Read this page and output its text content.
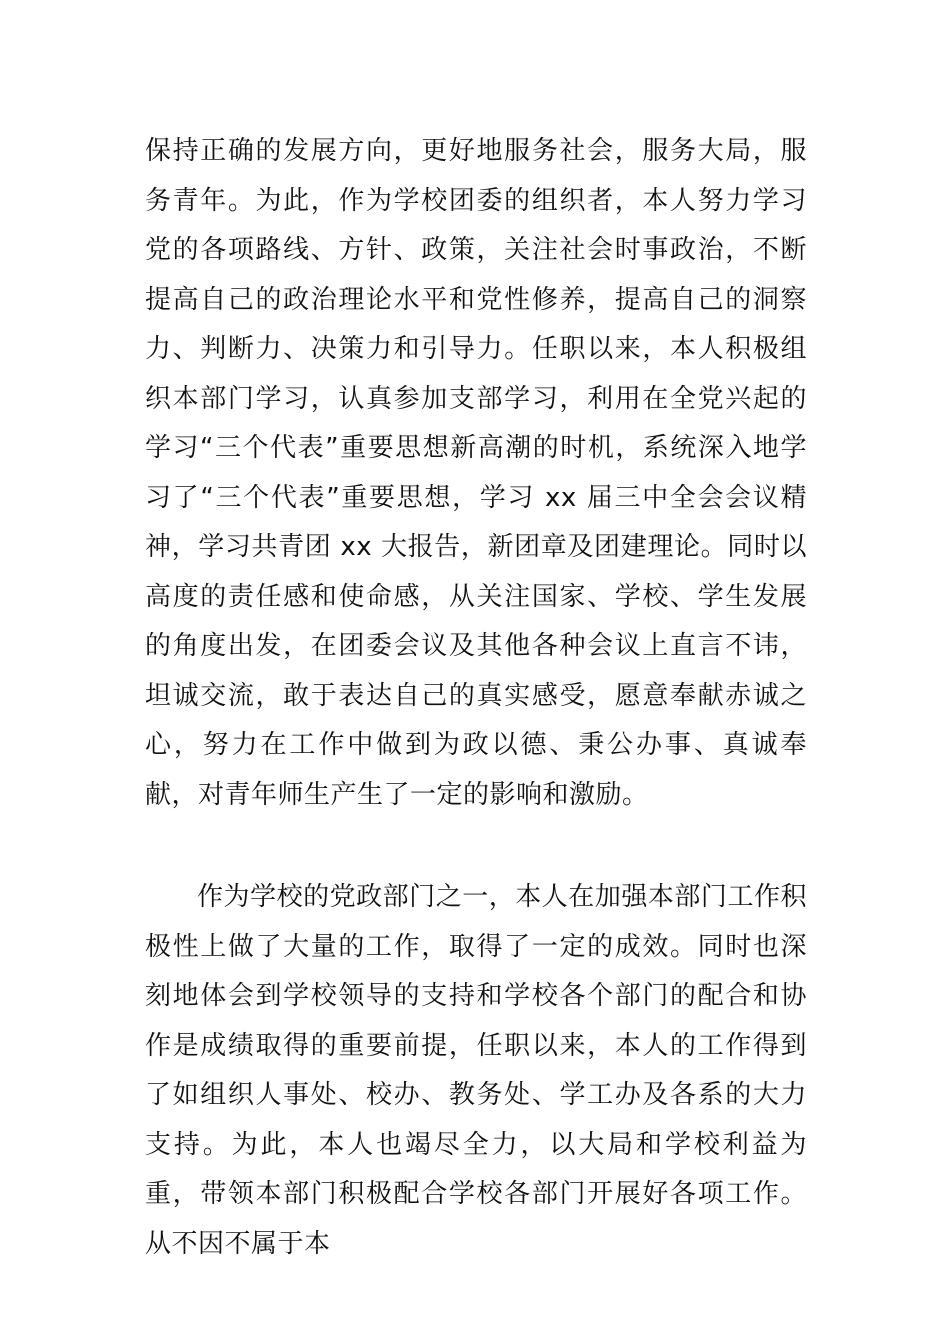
保持正确的发展方向，更好地服务社会，服务大局，服务青年。为此，作为学校团委的组织者，本人努力学习党的各项路线、方针、政策，关注社会时事政治，不断提高自己的政治理论水平和党性修养，提高自己的洞察力、判断力、决策力和引导力。任职以来，本人积极组织本部门学习，认真参加支部学习，利用在全党兴起的学习“三个代表”重要思想新高潮的时机，系统深入地学习了“三个代表”重要思想，学习 xx 届三中全会会议精神，学习共青团 xx 大报告，新团章及团建理论。同时以高度的责任感和使命感，从关注国家、学校、学生发展的角度出发，在团委会议及其他各种会议上直言不讳，坦诚交流，敢于表达自己的真实感受，愿意奉献赤诚之心，努力在工作中做到为政以德、秉公办事、真诚奉献，对青年师生产生了一定的影响和激励。

作为学校的党政部门之一，本人在加强本部门工作积极性上做了大量的工作，取得了一定的成效。同时也深刻地体会到学校领导的支持和学校各个部门的配合和协作是成绩取得的重要前提，任职以来，本人的工作得到了如组织人事处、校办、教务处、学工办及各系的大力支持。为此，本人也竭尽全力，以大局和学校利益为重，带领本部门积极配合学校各部门开展好各项工作。从不因不属于本
